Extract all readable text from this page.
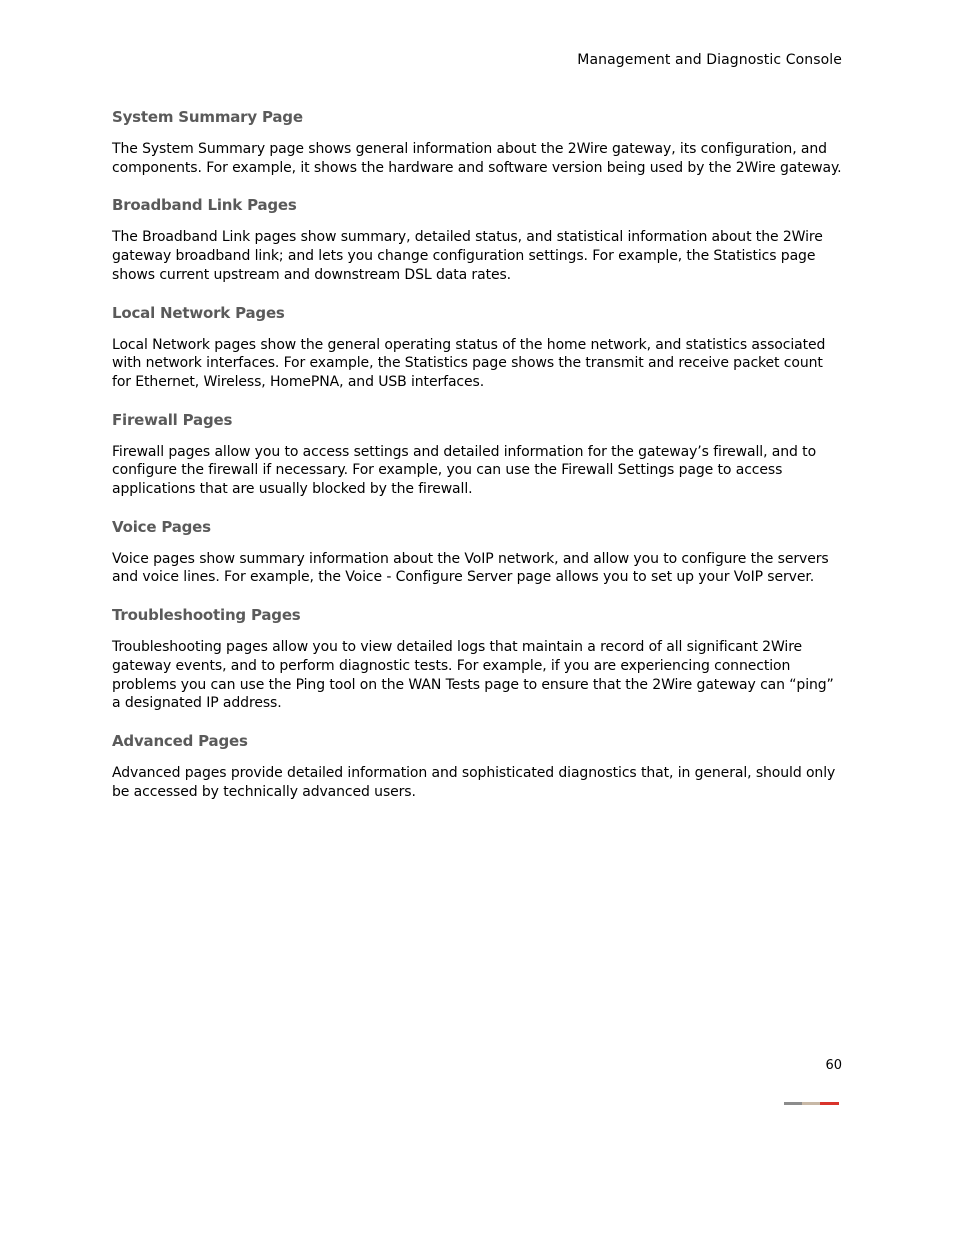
Management and Diagnostic Console
System Summary Page

The System Summary page shows general information about the 2Wire gateway, its configuration, and components. For example, it shows the hardware and software version being used by the 2Wire gateway.

Broadband Link Pages

The Broadband Link pages show summary, detailed status, and statistical information about the 2Wire gateway broadband link; and lets you change configuration settings. For example, the Statistics page shows current upstream and downstream DSL data rates.

Local Network Pages

Local Network pages show the general operating status of the home network, and statistics associated with network interfaces. For example, the Statistics page shows the transmit and receive packet count for Ethernet, Wireless, HomePNA, and USB interfaces.

Firewall Pages

Firewall pages allow you to access settings and detailed information for the gateway’s firewall, and to configure the firewall if necessary. For example, you can use the Firewall Settings page to access applications that are usually blocked by the firewall.

Voice Pages

Voice pages show summary information about the VoIP network, and allow you to configure the servers and voice lines. For example, the Voice - Configure Server page allows you to set up your VoIP server.

Troubleshooting Pages

Troubleshooting pages allow you to view detailed logs that maintain a record of all significant 2Wire gateway events, and to perform diagnostic tests. For example, if you are experiencing connection problems you can use the Ping tool on the WAN Tests page to ensure that the 2Wire gateway can “ping” a designated IP address.

Advanced Pages

Advanced pages provide detailed information and sophisticated diagnostics that, in general, should only be accessed by technically advanced users.

60
